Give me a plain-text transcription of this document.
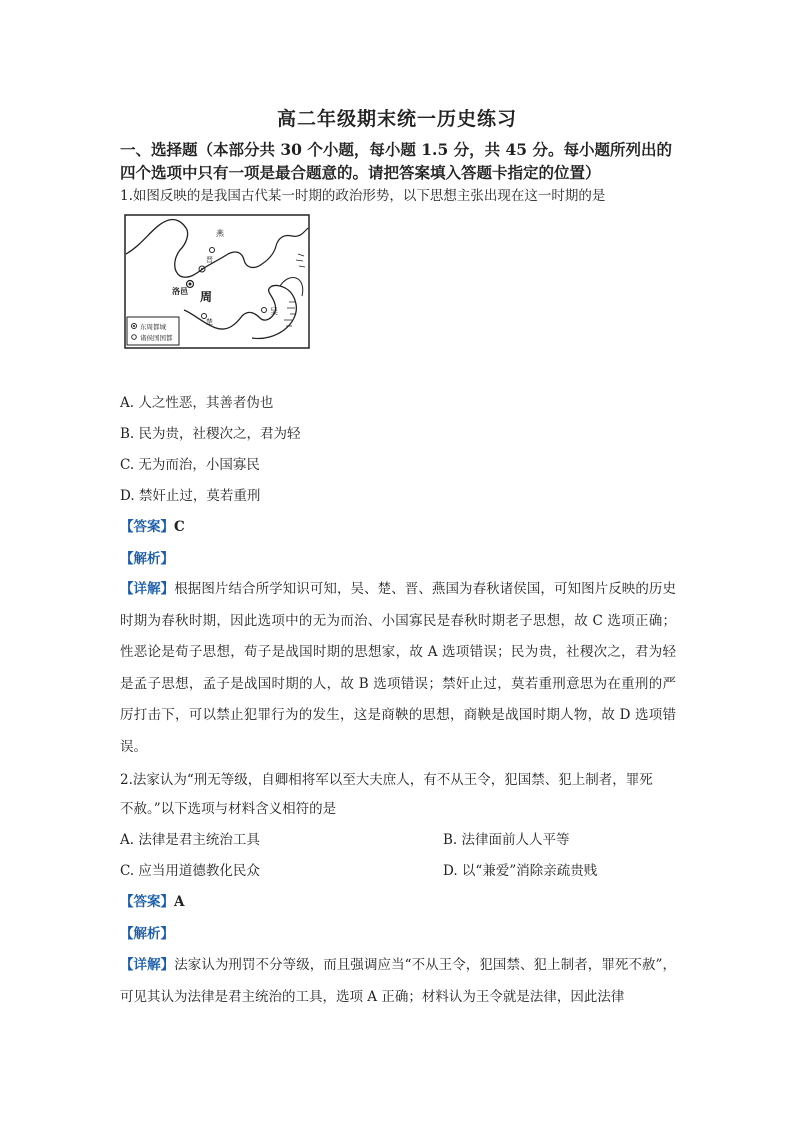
高二年级期末统一历史练习
一、选择题（本部分共 30 个小题，每小题 1.5 分，共 45 分。每小题所列出的
四个选项中只有一项是最合题意的。请把答案填入答题卡指定的位置）
1.如图反映的是我国古代某一时期的政治形势，以下思想主张出现在这一时期的是
燕
晋
洛邑 周
吴
楚
东周都城
诸侯国国都
A. 人之性恶，其善者伪也
B. 民为贵，社稷次之，君为轻
C. 无为而治，小国寡民
D. 禁奸止过，莫若重刑
【答案】C
【解析】
【详解】根据图片结合所学知识可知，吴、楚、晋、燕国为春秋诸侯国，可知图片反映的历史时期为春秋时期，因此选项中的无为而治、小国寡民是春秋时期老子思想，故 C 选项正确；性恶论是荀子思想，荀子是战国时期的思想家，故 A 选项错误；民为贵，社稷次之，君为轻是孟子思想，孟子是战国时期的人，故 B 选项错误；禁奸止过，莫若重刑意思为在重刑的严厉打击下，可以禁止犯罪行为的发生，这是商鞅的思想，商鞅是战国时期人物，故 D 选项错误。
2.法家认为“刑无等级，自卿相将军以至大夫庶人，有不从王令，犯国禁、犯上制者，罪死
不赦。”以下选项与材料含义相符的是
A. 法律是君主统治工具	B. 法律面前人人平等
C. 应当用道德教化民众	D. 以“兼爱”消除亲疏贵贱
【答案】A
【解析】
【详解】法家认为刑罚不分等级，而且强调应当“不从王令，犯国禁、犯上制者，罪死不赦”，可见其认为法律是君主统治的工具，选项 A 正确；材料认为王令就是法律，因此法律
